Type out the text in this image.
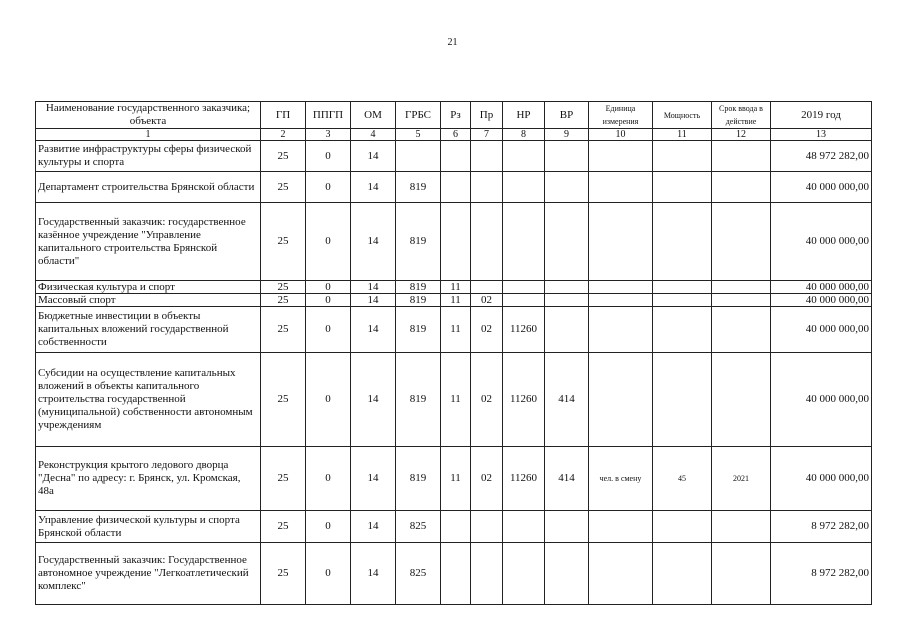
21
Наименование государственного заказчика; объекта	ГП	ППГП	ОМ	ГРБС	Рз	Пр	НР	ВР	Единица измерения	Мощность	Срок ввода в действие	2019 год
1	2	3	4	5	6	7	8	9	10	11	12	13
Развитие инфраструктуры сферы физической культуры и спорта	25	0	14									48 972 282,00
Департамент строительства Брянской области	25	0	14	819								40 000 000,00
Государственный заказчик: государственное казённое учреждение "Управление капитального строительства Брянской области"	25	0	14	819								40 000 000,00
Физическая культура и спорт	25	0	14	819	11							40 000 000,00
Массовый спорт	25	0	14	819	11	02						40 000 000,00
Бюджетные инвестиции в объекты капитальных вложений государственной собственности	25	0	14	819	11	02	11260					40 000 000,00
Субсидии на осуществление капитальных вложений в объекты капитального строительства государственной (муниципальной) собственности автономным учреждениям	25	0	14	819	11	02	11260	414				40 000 000,00
Реконструкция крытого ледового дворца "Десна" по адресу: г. Брянск, ул. Кромская, 48а	25	0	14	819	11	02	11260	414	чел. в смену	45	2021	40 000 000,00
Управление физической культуры и спорта Брянской области	25	0	14	825								8 972 282,00
Государственный заказчик: Государственное автономное учреждение "Легкоатлетический комплекс"	25	0	14	825								8 972 282,00
